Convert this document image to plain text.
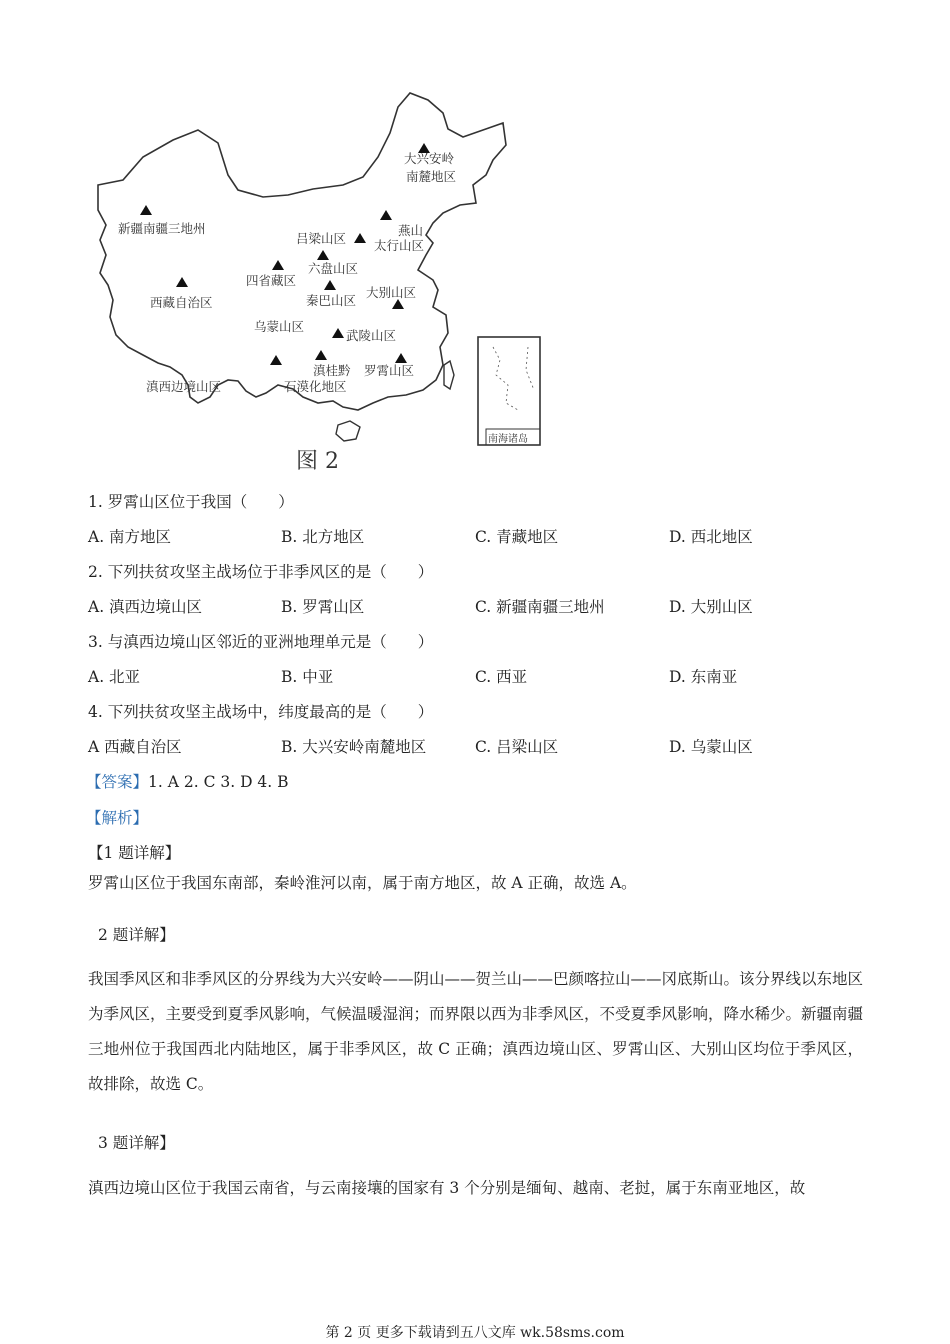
南海诸岛
大兴安岭
南麓地区
新疆南疆三地州
吕梁山区
燕山
太行山区
六盘山区
四省藏区
西藏自治区	秦巴山区
大别山区
乌蒙山区
武陵山区
滇桂黔
石漠化地区
罗霄山区
滇西边境山区
图 2
1. 罗霄山区位于我国（　　）
A. 南方地区	B. 北方地区	C. 青藏地区	D. 西北地区
2. 下列扶贫攻坚主战场位于非季风区的是（　　）
A. 滇西边境山区	B. 罗霄山区	C. 新疆南疆三地州	D. 大别山区
3. 与滇西边境山区邻近的亚洲地理单元是（　　）
A. 北亚	B. 中亚	C. 西亚	D. 东南亚
4. 下列扶贫攻坚主战场中，纬度最高的是（　　）
A 西藏自治区	B. 大兴安岭南麓地区	C. 吕梁山区	D. 乌蒙山区
【答案】1. A 2. C 3. D 4. B
【解析】
【1 题详解】
罗霄山区位于我国东南部，秦岭淮河以南，属于南方地区，故 A 正确，故选 A。
2 题详解】
我国季风区和非季风区的分界线为大兴安岭——阴山——贺兰山——巴颜喀拉山——冈底斯山。该分界线以东地区为季风区，主要受到夏季风影响，气候温暖湿润；而界限以西为非季风区，不受夏季风影响，降水稀少。新疆南疆三地州位于我国西北内陆地区，属于非季风区，故 C 正确；滇西边境山区、罗霄山区、大别山区均位于季风区，故排除，故选 C。
3 题详解】
滇西边境山区位于我国云南省，与云南接壤的国家有 3 个分别是缅甸、越南、老挝，属于东南亚地区，故
第 2 页 更多下载请到五八文库 wk.58sms.com
